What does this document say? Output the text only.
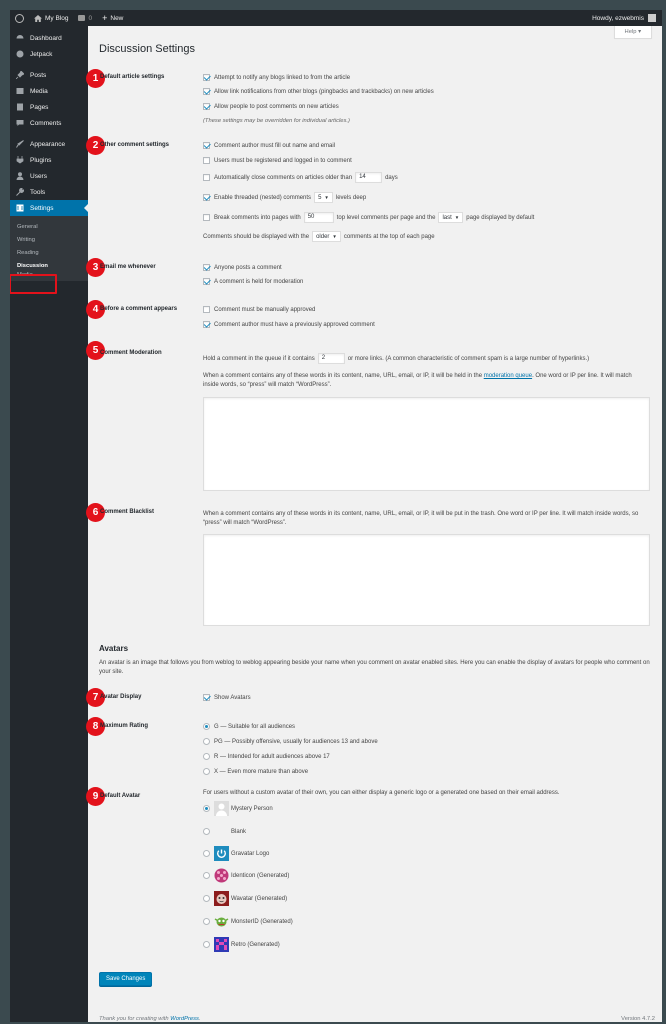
My Blog	0 + New	Howdy, ezwebmis
Dashboard
Jetpack
Posts
Media
Pages
Comments
Appearance
Plugins
Users
Tools
Settings
General
Writing
Reading
Discussion
Media
Help ▾
Discussion Settings
1
2
3
4
5
6
7
8
9
Default article settings	Attempt to notify any blogs linked to from the article
Allow link notifications from other blogs (pingbacks and trackbacks) on new articles
Allow people to post comments on new articles
(These settings may be overridden for individual articles.)
Other comment settings	Comment author must fill out name and email
Users must be registered and logged in to comment
Automatically close comments on articles older than	14	days
Enable threaded (nested) comments 5 ▼ levels deep
Break comments into pages with	50	top level comments per page and the last ▼ page displayed by default
Comments should be displayed with the older ▼ comments at the top of each page
Email me whenever	Anyone posts a comment
A comment is held for moderation
Before a comment appears	Comment must be manually approved
Comment author must have a previously approved comment
Comment Moderation
Hold a comment in the queue if it contains	2	or more links. (A common characteristic of comment spam is a large number of hyperlinks.)
When a comment contains any of these words in its content, name, URL, email, or IP, it will be held in the moderation queue. One word or IP per line. It will match inside words, so “press” will match “WordPress”.
Comment Blacklist	When a comment contains any of these words in its content, name, URL, email, or IP, it will be put in the trash. One word or IP per line. It will match inside words, so “press” will match “WordPress”.
Avatars
An avatar is an image that follows you from weblog to weblog appearing beside your name when you comment on avatar enabled sites. Here you can enable the display of avatars for people who comment on your site.
Avatar Display	Show Avatars
Maximum Rating	G — Suitable for all audiences
PG — Possibly offensive, usually for audiences 13 and above
R — Intended for adult audiences above 17
X — Even more mature than above
Default Avatar	For users without a custom avatar of their own, you can either display a generic logo or a generated one based on their email address.
Mystery Person
Blank
Gravatar Logo
Identicon (Generated)
Wavatar (Generated)
MonsterID (Generated)
Retro (Generated)
Save Changes
Thank you for creating with WordPress.	Version 4.7.2
